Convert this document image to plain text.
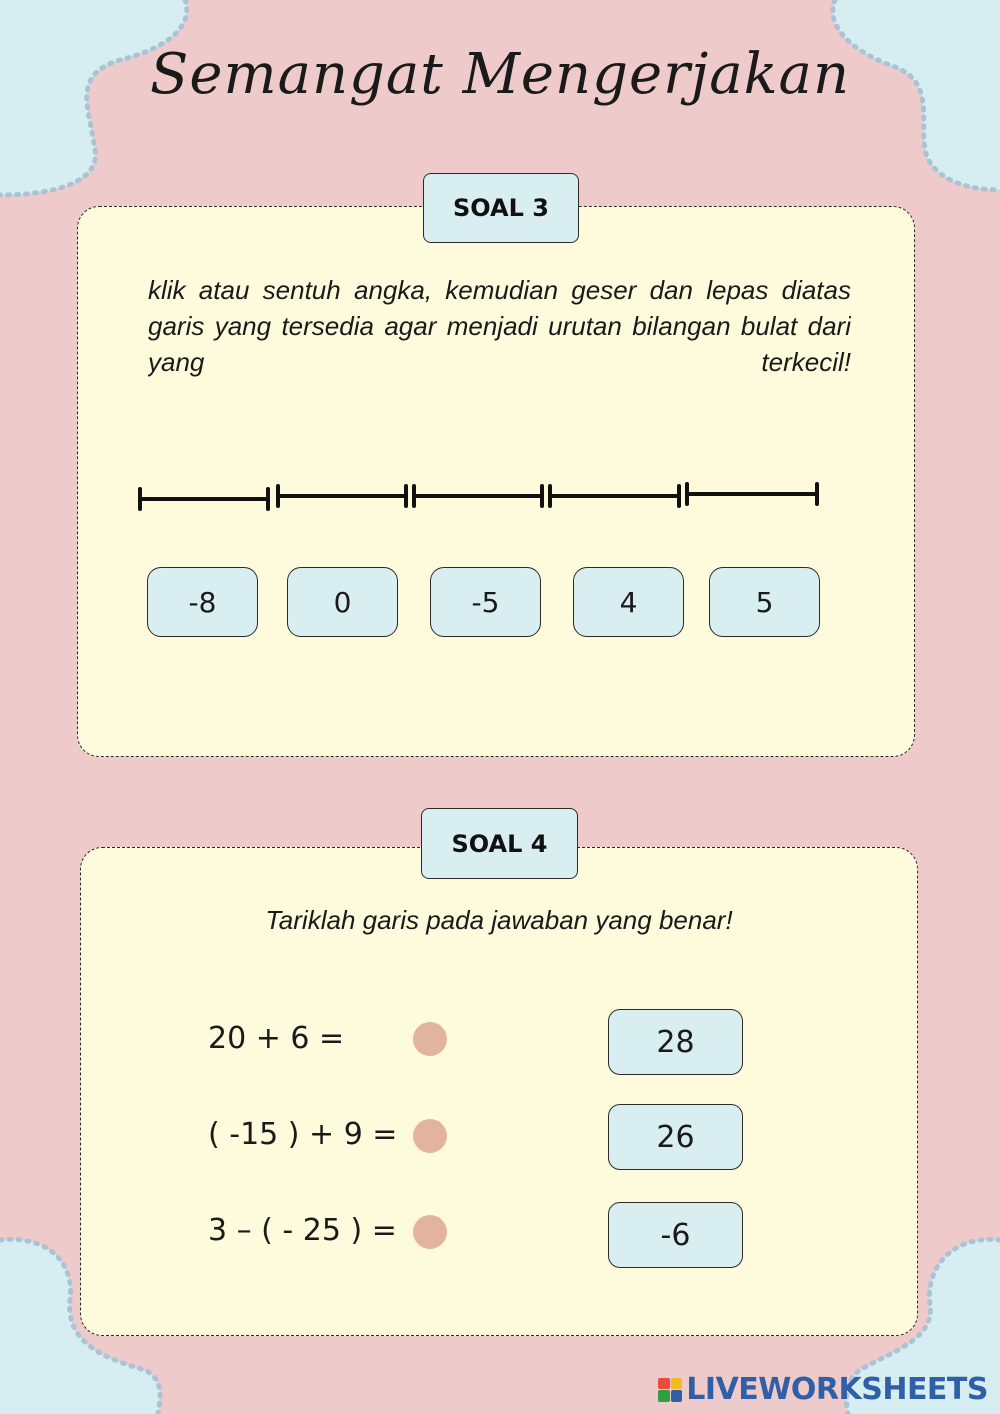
Semangat Mengerjakan
SOAL 3
klik atau sentuh angka, kemudian geser dan lepas diatas garis yang tersedia agar menjadi urutan bilangan bulat dari yang terkecil!
-8	0	-5	4	5
SOAL 4
Tariklah garis pada jawaban yang benar!
20 + 6 =	28
( -15 ) + 9 =	26
3 – ( - 25 ) =	-6
LIVEWORKSHEETS
